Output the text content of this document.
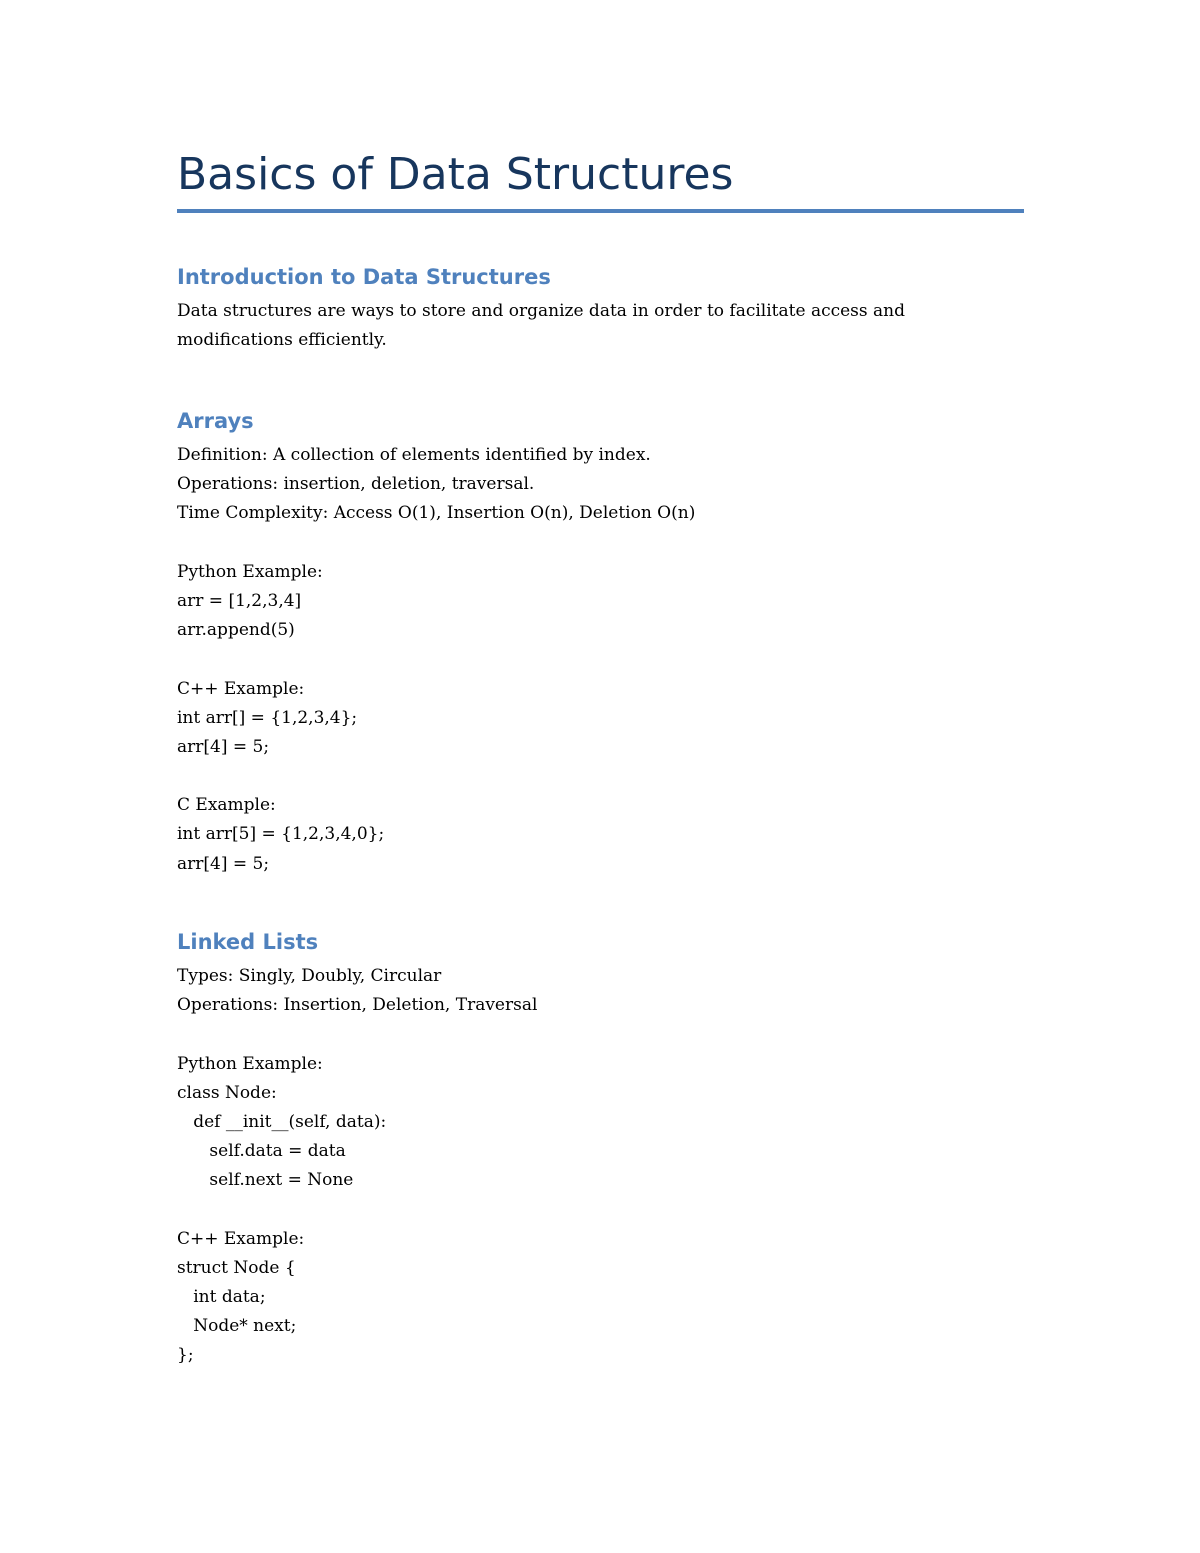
Basics of Data Structures
Introduction to Data Structures
Data structures are ways to store and organize data in order to facilitate access and
modifications efficiently.
Arrays
Definition: A collection of elements identified by index.
Operations: insertion, deletion, traversal.
Time Complexity: Access O(1), Insertion O(n), Deletion O(n)
Python Example:
arr = [1,2,3,4]
arr.append(5)
C++ Example:
int arr[] = {1,2,3,4};
arr[4] = 5;
C Example:
int arr[5] = {1,2,3,4,0};
arr[4] = 5;
Linked Lists
Types: Singly, Doubly, Circular
Operations: Insertion, Deletion, Traversal
Python Example:
class Node:
def __init__(self, data):
self.data = data
self.next = None
C++ Example:
struct Node {
int data;
Node* next;
};
